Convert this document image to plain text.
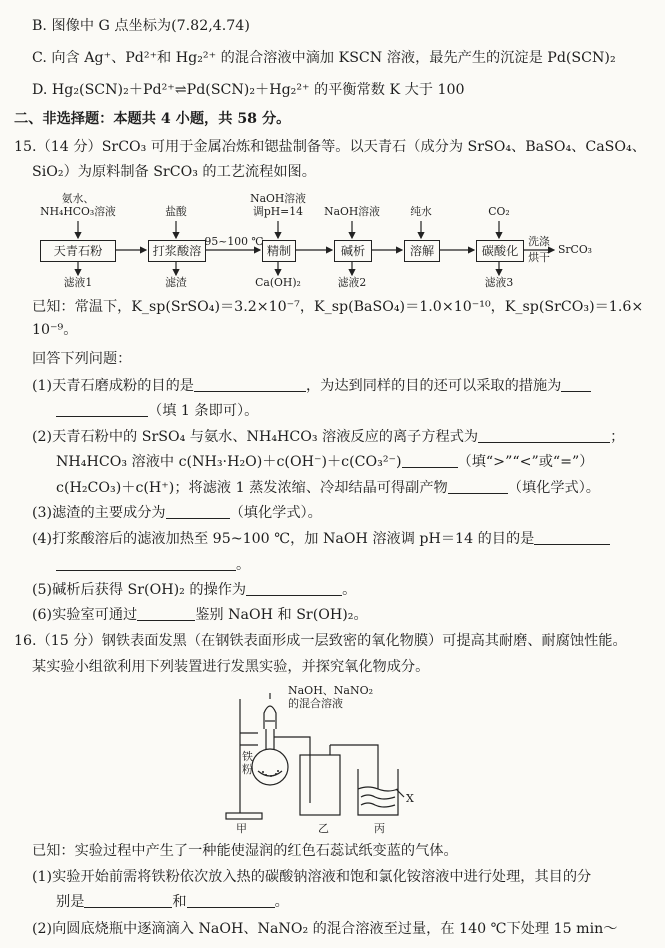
B. 图像中 G 点坐标为(7.82,4.74)
C. 向含 Ag⁺、Pd²⁺和 Hg₂²⁺ 的混合溶液中滴加 KSCN 溶液，最先产生的沉淀是 Pd(SCN)₂
D. Hg₂(SCN)₂＋Pd²⁺⇌Pd(SCN)₂＋Hg₂²⁺ 的平衡常数 K 大于 100
二、非选择题：本题共 4 小题，共 58 分。
15.（14 分）SrCO₃ 可用于金属冶炼和锶盐制备等。以天青石（成分为 SrSO₄、BaSO₄、CaSO₄、
SiO₂）为原料制备 SrCO₃ 的工艺流程如图。
氨水、
NH₄HCO₃溶液	盐酸
NaOH溶液
调pH=14	NaOH溶液	纯水	CO₂
天青石粉	打浆酸溶	精制	碱析	溶解	碳酸化
95~100 ℃	洗涤
烘干
SrCO₃
滤液1	滤渣	Ca(OH)₂	滤液2	滤液3
已知：常温下，K_sp(SrSO₄)＝3.2×10⁻⁷，K_sp(BaSO₄)＝1.0×10⁻¹⁰，K_sp(SrCO₃)＝1.6×
10⁻⁹。
回答下列问题：
(1)天青石磨成粉的目的是	，为达到同样的目的还可以采取的措施为
（填 1 条即可）。
(2)天青石粉中的 SrSO₄ 与氨水、NH₄HCO₃ 溶液反应的离子方程式为	；
NH₄HCO₃ 溶液中 c(NH₃·H₂O)＋c(OH⁻)＋c(CO₃²⁻)	（填“>”“<”或“=”）
c(H₂CO₃)＋c(H⁺)；将滤液 1 蒸发浓缩、冷却结晶可得副产物	（填化学式）。
(3)滤渣的主要成分为	（填化学式）。
(4)打浆酸溶后的滤液加热至 95~100 ℃，加 NaOH 溶液调 pH＝14 的目的是
。
(5)碱析后获得 Sr(OH)₂ 的操作为	。
(6)实验室可通过	鉴别 NaOH 和 Sr(OH)₂。
16.（15 分）钢铁表面发黑（在钢铁表面形成一层致密的氧化物膜）可提高其耐磨、耐腐蚀性能。
某实验小组欲利用下列装置进行发黑实验，并探究氧化物成分。
NaOH、NaNO₂
的混合溶液
铁
粉
X
甲	乙	丙
已知：实验过程中产生了一种能使湿润的红色石蕊试纸变蓝的气体。
(1)实验开始前需将铁粉依次放入热的碳酸钠溶液和饱和氯化铵溶液中进行处理，其目的分
别是	和	。
(2)向圆底烧瓶中逐滴滴入 NaOH、NaNO₂ 的混合溶液至过量，在 140 ℃下处理 15 min～
